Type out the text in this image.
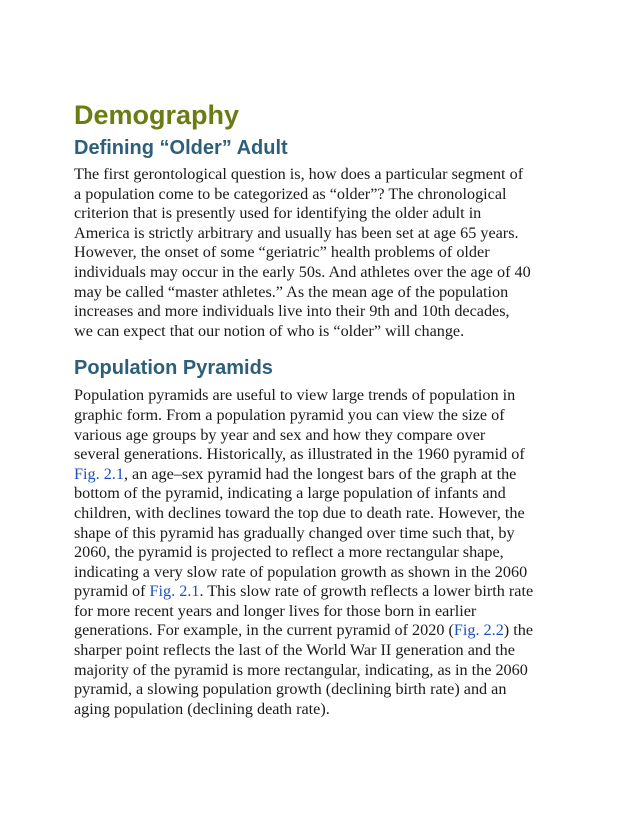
Demography
Defining “Older” Adult

The first gerontological question is, how does a particular segment of
a population come to be categorized as “older”? The chronological
criterion that is presently used for identifying the older adult in
America is strictly arbitrary and usually has been set at age 65 years.
However, the onset of some “geriatric” health problems of older
individuals may occur in the early 50s. And athletes over the age of 40
may be called “master athletes.” As the mean age of the population
increases and more individuals live into their 9th and 10th decades,
we can expect that our notion of who is “older” will change.

Population Pyramids

Population pyramids are useful to view large trends of population in
graphic form. From a population pyramid you can view the size of
various age groups by year and sex and how they compare over
several generations. Historically, as illustrated in the 1960 pyramid of
Fig. 2.1, an age–sex pyramid had the longest bars of the graph at the
bottom of the pyramid, indicating a large population of infants and
children, with declines toward the top due to death rate. However, the
shape of this pyramid has gradually changed over time such that, by
2060, the pyramid is projected to reflect a more rectangular shape,
indicating a very slow rate of population growth as shown in the 2060
pyramid of Fig. 2.1. This slow rate of growth reflects a lower birth rate
for more recent years and longer lives for those born in earlier
generations. For example, in the current pyramid of 2020 (Fig. 2.2) the
sharper point reflects the last of the World War II generation and the
majority of the pyramid is more rectangular, indicating, as in the 2060
pyramid, a slowing population growth (declining birth rate) and an
aging population (declining death rate).
